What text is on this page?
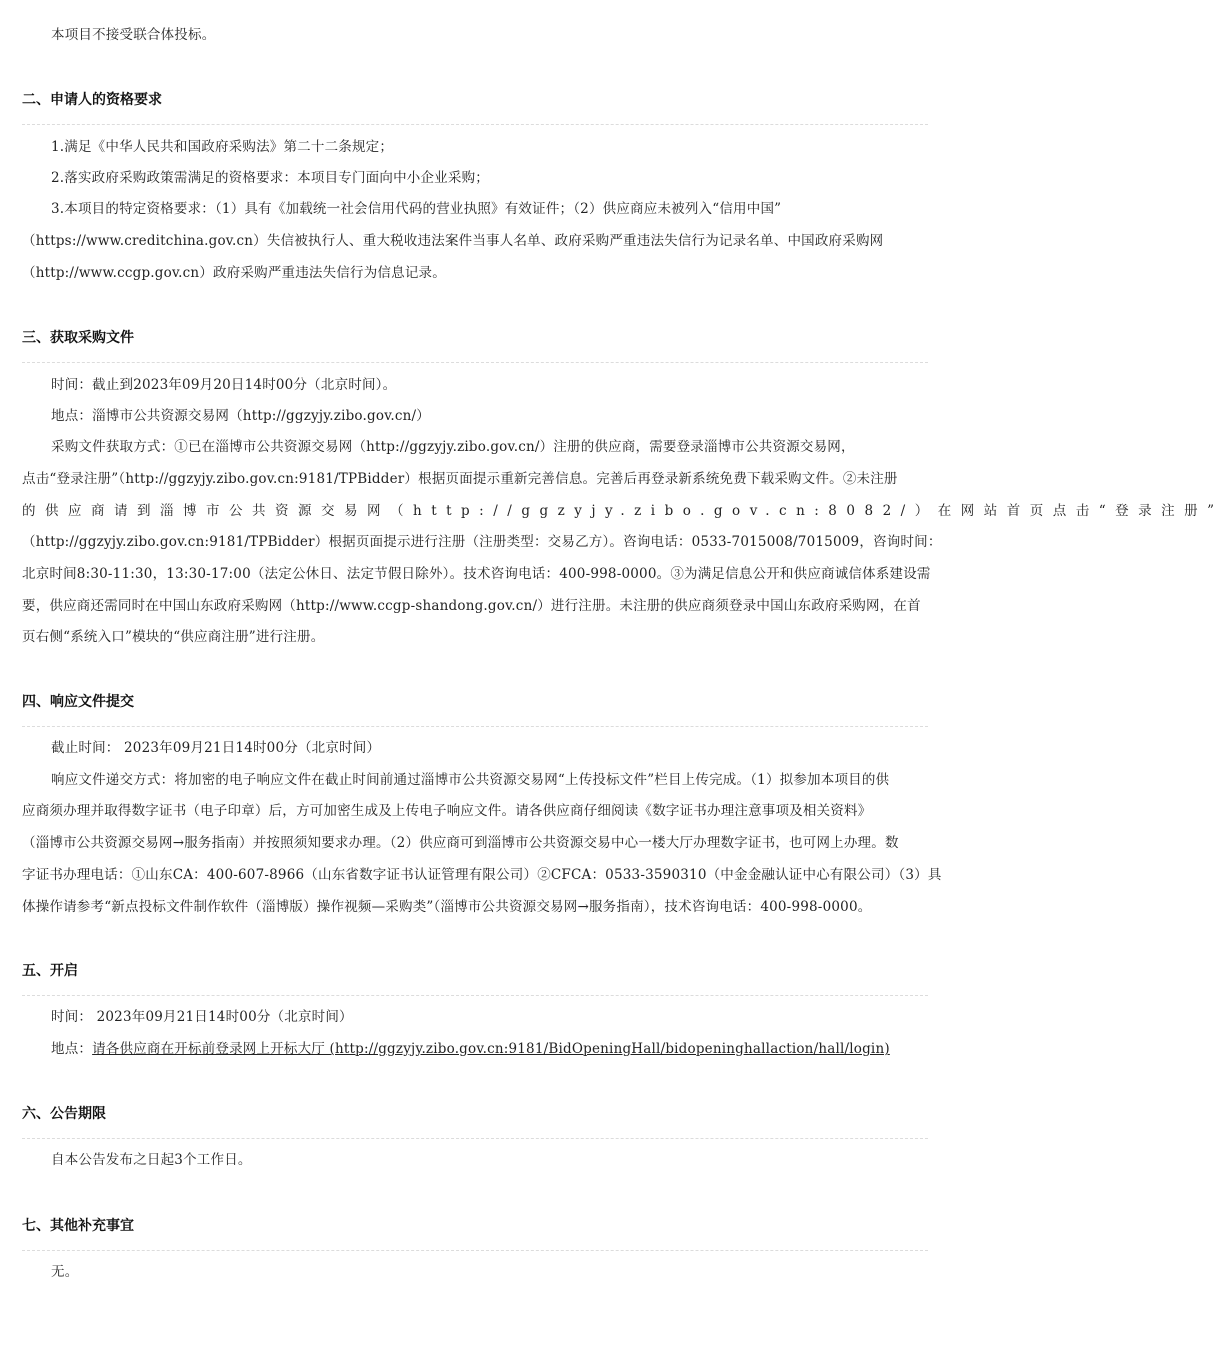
本项目不接受联合体投标。
二、申请人的资格要求
1.满足《中华人民共和国政府采购法》第二十二条规定；
2.落实政府采购政策需满足的资格要求：本项目专门面向中小企业采购；
3.本项目的特定资格要求：（1）具有《加载统一社会信用代码的营业执照》有效证件；（2）供应商应未被列入“信用中国”
（https://www.creditchina.gov.cn）失信被执行人、重大税收违法案件当事人名单、政府采购严重违法失信行为记录名单、中国政府采购网
（http://www.ccgp.gov.cn）政府采购严重违法失信行为信息记录。
三、获取采购文件
时间：截止到2023年09月20日14时00分（北京时间）。
地点：淄博市公共资源交易网（http://ggzyjy.zibo.gov.cn/）
采购文件获取方式：①已在淄博市公共资源交易网（http://ggzyjy.zibo.gov.cn/）注册的供应商，需要登录淄博市公共资源交易网，
点击“登录注册”（http://ggzyjy.zibo.gov.cn:9181/TPBidder）根据页面提示重新完善信息。完善后再登录新系统免费下载采购文件。②未注册
的供应商请到淄博市公共资源交易网（http://ggzyjy.zibo.gov.cn:8082/）在网站首页点击“登录注册”
（http://ggzyjy.zibo.gov.cn:9181/TPBidder）根据页面提示进行注册（注册类型：交易乙方）。咨询电话：0533-7015008/7015009，咨询时间：
北京时间8:30-11:30，13:30-17:00（法定公休日、法定节假日除外）。技术咨询电话：400-998-0000。③为满足信息公开和供应商诚信体系建设需
要，供应商还需同时在中国山东政府采购网（http://www.ccgp-shandong.gov.cn/）进行注册。未注册的供应商须登录中国山东政府采购网，在首
页右侧“系统入口”模块的“供应商注册”进行注册。
四、响应文件提交
截止时间： 2023年09月21日14时00分（北京时间）
响应文件递交方式：将加密的电子响应文件在截止时间前通过淄博市公共资源交易网“上传投标文件”栏目上传完成。（1）拟参加本项目的供
应商须办理并取得数字证书（电子印章）后，方可加密生成及上传电子响应文件。请各供应商仔细阅读《数字证书办理注意事项及相关资料》
（淄博市公共资源交易网→服务指南）并按照须知要求办理。（2）供应商可到淄博市公共资源交易中心一楼大厅办理数字证书，也可网上办理。数
字证书办理电话：①山东CA：400-607-8966（山东省数字证书认证管理有限公司）②CFCA：0533-3590310（中金金融认证中心有限公司）（3）具
体操作请参考“新点投标文件制作软件（淄博版）操作视频—采购类”（淄博市公共资源交易网→服务指南），技术咨询电话：400-998-0000。
五、开启
时间： 2023年09月21日14时00分（北京时间）
地点：请各供应商在开标前登录网上开标大厅 (http://ggzyjy.zibo.gov.cn:9181/BidOpeningHall/bidopeninghallaction/hall/login)
六、公告期限
自本公告发布之日起3个工作日。
七、其他补充事宜
无。
